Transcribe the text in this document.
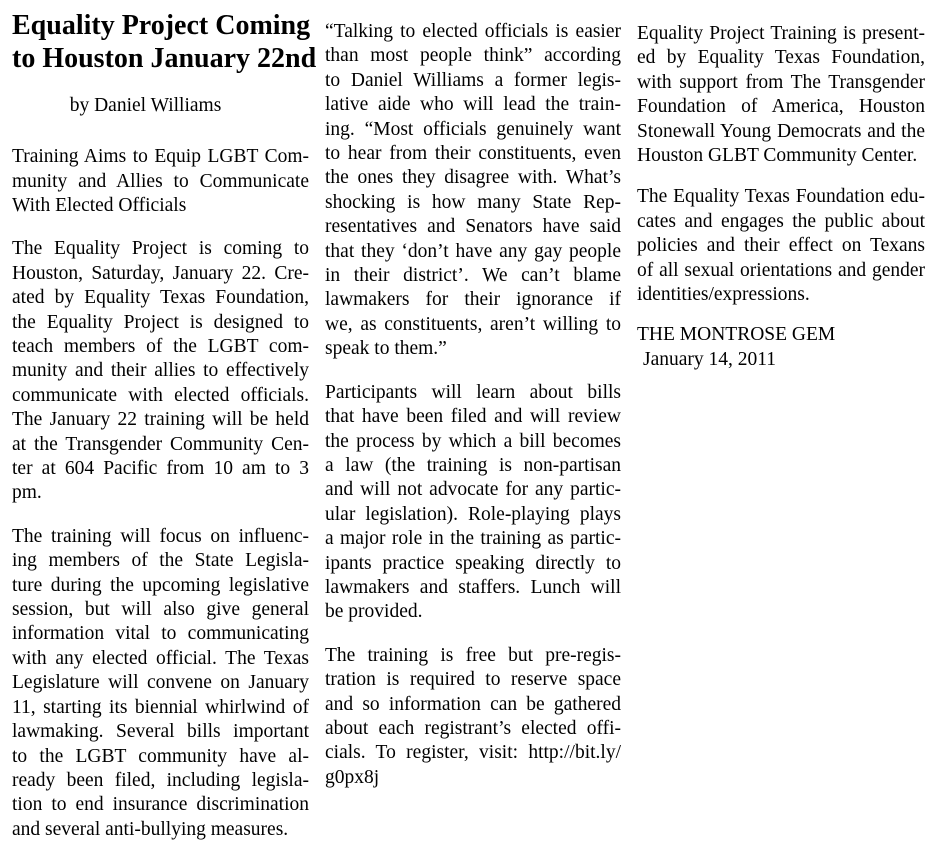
Equality Project Coming
to Houston January 22nd
by Daniel Williams
Training Aims to Equip LGBT Com-
munity and Allies to Communicate
With Elected Officials
The Equality Project is coming to
Houston, Saturday, January 22. Cre-
ated by Equality Texas Foundation,
the Equality Project is designed to
teach members of the LGBT com-
munity and their allies to effectively
communicate with elected officials.
The January 22 training will be held
at the Transgender Community Cen-
ter at 604 Pacific from 10 am to 3
pm.
The training will focus on influenc-
ing members of the State Legisla-
ture during the upcoming legislative
session, but will also give general
information vital to communicating
with any elected official. The Texas
Legislature will convene on January
11, starting its biennial whirlwind of
lawmaking. Several bills important
to the LGBT community have al-
ready been filed, including legisla-
tion to end insurance discrimination
and several anti-bullying measures.
“Talking to elected officials is easier
than most people think” according
to Daniel Williams a former legis-
lative aide who will lead the train-
ing. “Most officials genuinely want
to hear from their constituents, even
the ones they disagree with. What’s
shocking is how many State Rep-
resentatives and Senators have said
that they ‘don’t have any gay people
in their district’. We can’t blame
lawmakers for their ignorance if
we, as constituents, aren’t willing to
speak to them.”
Participants will learn about bills
that have been filed and will review
the process by which a bill becomes
a law (the training is non-partisan
and will not advocate for any partic-
ular legislation). Role-playing plays
a major role in the training as partic-
ipants practice speaking directly to
lawmakers and staffers. Lunch will
be provided.
The training is free but pre-regis-
tration is required to reserve space
and so information can be gathered
about each registrant’s elected offi-
cials. To register, visit: http://bit.ly/
g0px8j
Equality Project Training is present-
ed by Equality Texas Foundation,
with support from The Transgender
Foundation of America, Houston
Stonewall Young Democrats and the
Houston GLBT Community Center.
The Equality Texas Foundation edu-
cates and engages the public about
policies and their effect on Texans
of all sexual orientations and gender
identities/expressions.
THE MONTROSE GEM
January 14, 2011
